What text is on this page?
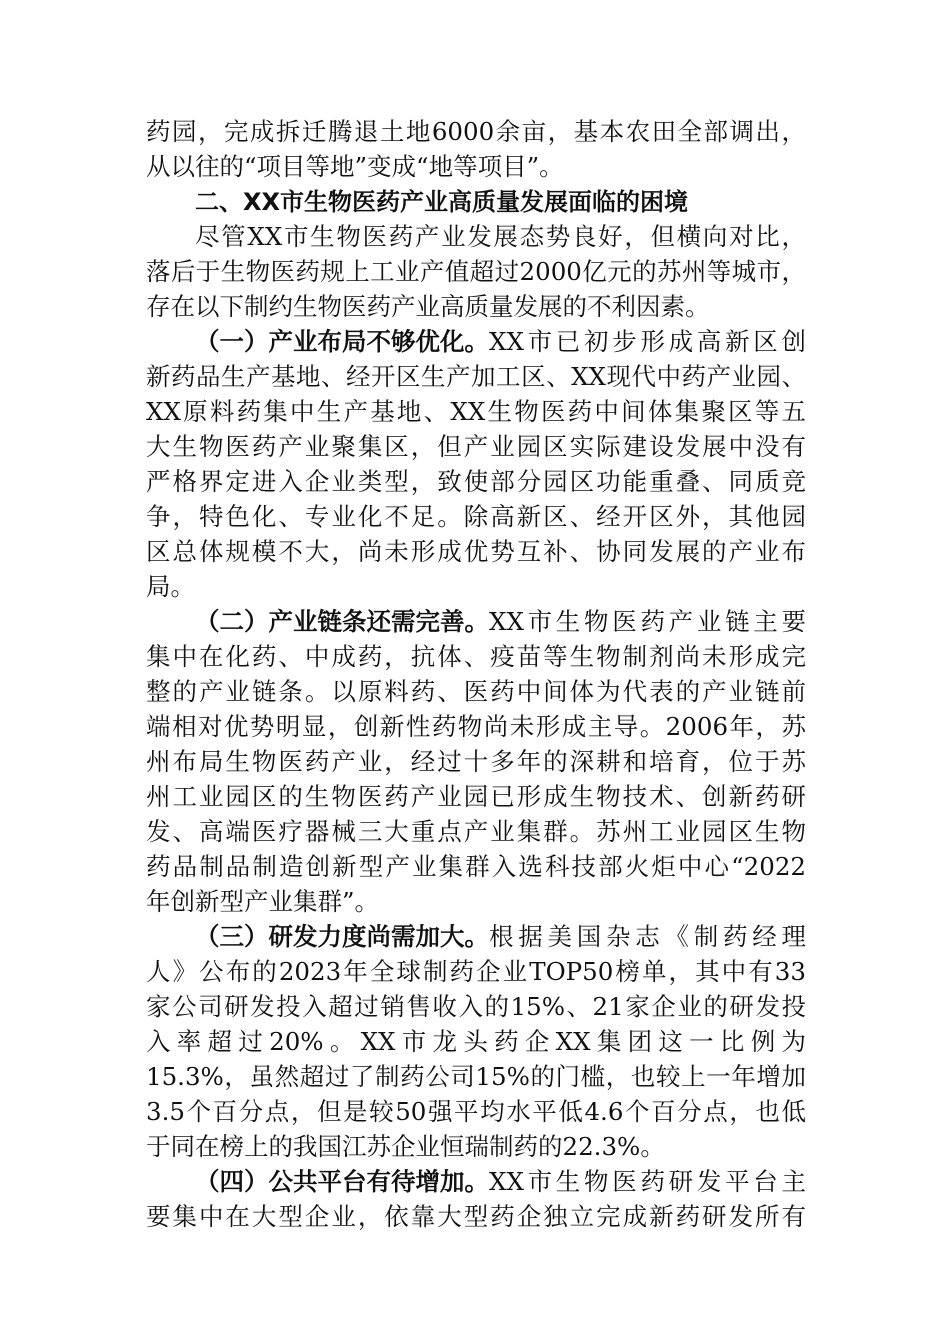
药园，完成拆迁腾退土地6000余亩，基本农田全部调出，
从以往的“项目等地”变成“地等项目”。
二、XX市生物医药产业高质量发展面临的困境
尽管XX市生物医药产业发展态势良好，但横向对比，
落后于生物医药规上工业产值超过2000亿元的苏州等城市，
存在以下制约生物医药产业高质量发展的不利因素。
（一）产业布局不够优化。 XX市已初步形成高新区创
新药品生产基地、经开区生产加工区、XX现代中药产业园、
XX原料药集中生产基地、XX生物医药中间体集聚区等五
大生物医药产业聚集区，但产业园区实际建设发展中没有
严格界定进入企业类型，致使部分园区功能重叠、同质竞
争，特色化、专业化不足。除高新区、经开区外，其他园
区总体规模不大，尚未形成优势互补、协同发展的产业布
局。
（二）产业链条还需完善。 XX市生物医药产业链主要
集中在化药、中成药，抗体、疫苗等生物制剂尚未形成完
整的产业链条。以原料药、医药中间体为代表的产业链前
端相对优势明显，创新性药物尚未形成主导。2006年，苏
州布局生物医药产业，经过十多年的深耕和培育，位于苏
州工业园区的生物医药产业园已形成生物技术、创新药研
发、高端医疗器械三大重点产业集群。苏州工业园区生物
药品制品制造创新型产业集群入选科技部火炬中心“2022
年创新型产业集群”。
（三）研发力度尚需加大。 根据美国杂志《制药经理
人》公布的2023年全球制药企业TOP50榜单，其中有33
家公司研发投入超过销售收入的15%、21家企业的研发投
入率超过20%。XX市龙头药企XX集团这一比例为
15.3%，虽然超过了制药公司15%的门槛，也较上一年增加
3.5个百分点，但是较50强平均水平低4.6个百分点，也低
于同在榜上的我国江苏企业恒瑞制药的22.3%。
（四）公共平台有待增加。 XX市生物医药研发平台主
要集中在大型企业，依靠大型药企独立完成新药研发所有
